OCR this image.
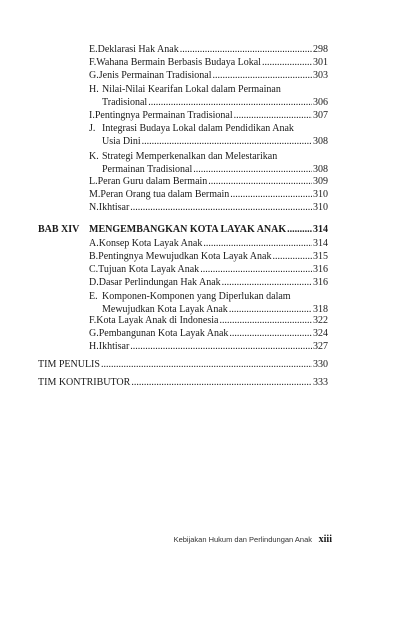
E. Deklarasi Hak Anak .....	298
F. Wahana Bermain Berbasis Budaya Lokal .....	301
G. Jenis Permainan Tradisional .....	303
H. Nilai-Nilai Kearifan Lokal dalam Permainan
Tradisional .....	306
I. Pentingnya Permainan Tradisional .....	307
J. Integrasi Budaya Lokal dalam Pendidikan Anak
Usia Dini .....	308
K. Strategi Memperkenalkan dan Melestarikan
Permainan Tradisional .....	308
L. Peran Guru dalam Bermain .....	309
M. Peran Orang tua dalam Bermain .....	310
N. Ikhtisar .....	310
BAB XIV MENGEMBANGKAN KOTA LAYAK ANAK .....	314
A. Konsep Kota Layak Anak .....	314
B. Pentingnya Mewujudkan Kota Layak Anak .....	315
C. Tujuan Kota Layak Anak .....	316
D. Dasar Perlindungan Hak Anak .....	316
E. Komponen-Komponen yang Diperlukan dalam
Mewujudkan Kota Layak Anak .....	318
F. Kota Layak Anak di Indonesia .....	322
G. Pembangunan Kota Layak Anak .....	324
H. Ikhtisar .....	327
TIM PENULIS .....	330
TIM KONTRIBUTOR .....	333
Kebijakan Hukum dan Perlindungan Anak xiii
